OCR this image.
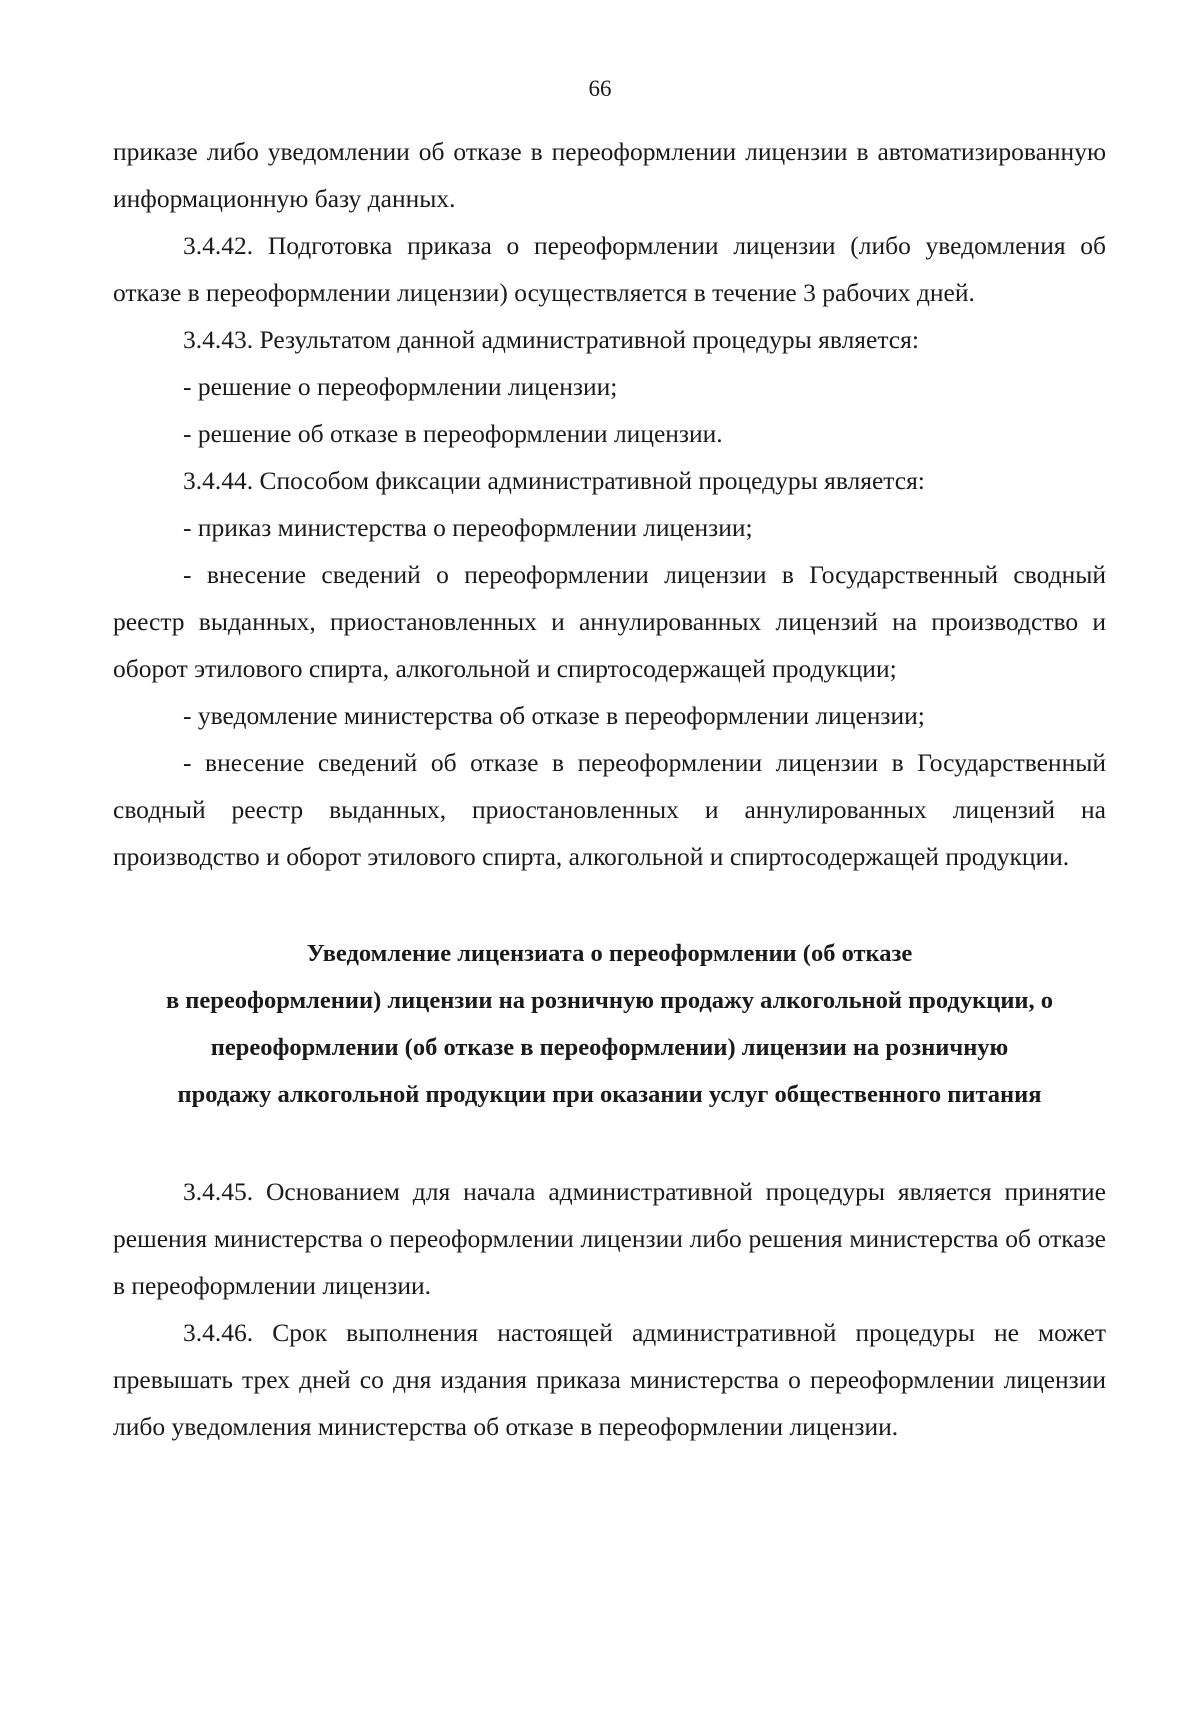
66

приказе либо уведомлении об отказе в переоформлении лицензии в автоматизированную информационную базу данных.

3.4.42. Подготовка приказа о переоформлении лицензии (либо уведомления об отказе в переоформлении лицензии) осуществляется в течение 3 рабочих дней.

3.4.43. Результатом данной административной процедуры является:

- решение о переоформлении лицензии;

- решение об отказе в переоформлении лицензии.

3.4.44. Способом фиксации административной процедуры является:

- приказ министерства о переоформлении лицензии;

- внесение сведений о переоформлении лицензии в Государственный сводный реестр выданных, приостановленных и аннулированных лицензий на производство и оборот этилового спирта, алкогольной и спиртосодержащей продукции;

- уведомление министерства об отказе в переоформлении лицензии;

- внесение сведений об отказе в переоформлении лицензии в Государственный сводный реестр выданных, приостановленных и аннулированных лицензий на производство и оборот этилового спирта, алкогольной и спиртосодержащей продукции.

Уведомление лицензиата о переоформлении (об отказе
в переоформлении) лицензии на розничную продажу алкогольной продукции, о
переоформлении (об отказе в переоформлении) лицензии на розничную
продажу алкогольной продукции при оказании услуг общественного питания

3.4.45. Основанием для начала административной процедуры является принятие решения министерства о переоформлении лицензии либо решения министерства об отказе в переоформлении лицензии.

3.4.46. Срок выполнения настоящей административной процедуры не может превышать трех дней со дня издания приказа министерства о переоформлении лицензии либо уведомления министерства об отказе в переоформлении лицензии.
